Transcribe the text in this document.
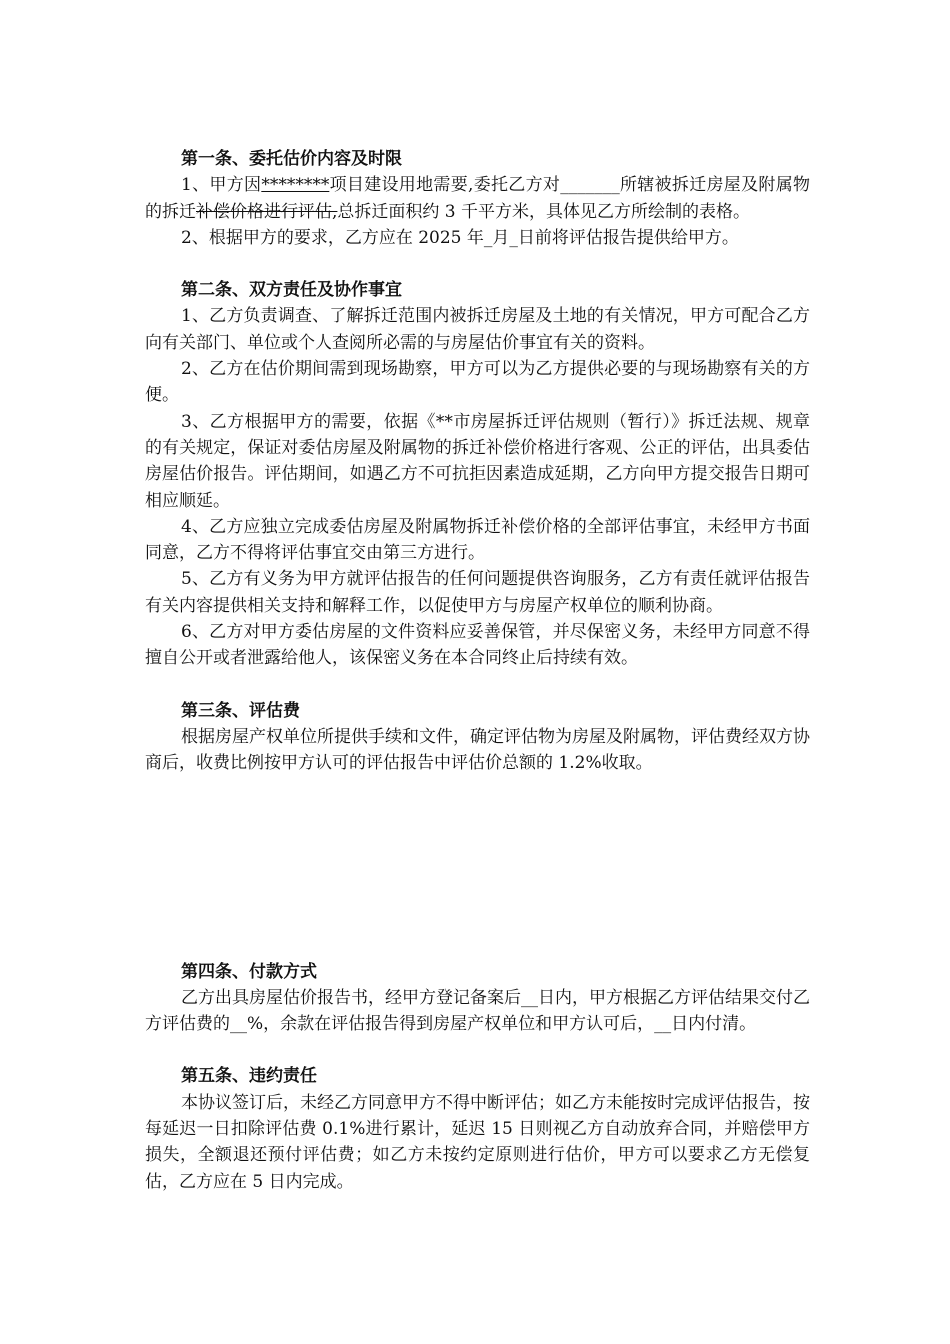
第一条、委托估价内容及时限

1、甲方因********项目建设用地需要,委托乙方对_______所辖被拆迁房屋及附属物的拆迁补偿价格进行评估,总拆迁面积约 3 千平方米，具体见乙方所绘制的表格。

2、根据甲方的要求，乙方应在 2025 年_月_日前将评估报告提供给甲方。

第二条、双方责任及协作事宜

1、乙方负责调查、了解拆迁范围内被拆迁房屋及土地的有关情况，甲方可配合乙方向有关部门、单位或个人查阅所必需的与房屋估价事宜有关的资料。

2、乙方在估价期间需到现场勘察，甲方可以为乙方提供必要的与现场勘察有关的方便。

3、乙方根据甲方的需要，依据《**市房屋拆迁评估规则（暂行）》拆迁法规、规章的有关规定，保证对委估房屋及附属物的拆迁补偿价格进行客观、公正的评估，出具委估房屋估价报告。评估期间，如遇乙方不可抗拒因素造成延期，乙方向甲方提交报告日期可相应顺延。

4、乙方应独立完成委估房屋及附属物拆迁补偿价格的全部评估事宜，未经甲方书面同意，乙方不得将评估事宜交由第三方进行。

5、乙方有义务为甲方就评估报告的任何问题提供咨询服务，乙方有责任就评估报告有关内容提供相关支持和解释工作，以促使甲方与房屋产权单位的顺利协商。

6、乙方对甲方委估房屋的文件资料应妥善保管，并尽保密义务，未经甲方同意不得擅自公开或者泄露给他人，该保密义务在本合同终止后持续有效。

第三条、评估费

根据房屋产权单位所提供手续和文件，确定评估物为房屋及附属物，评估费经双方协商后，收费比例按甲方认可的评估报告中评估价总额的 1.2%收取。

第四条、付款方式

乙方出具房屋估价报告书，经甲方登记备案后__日内，甲方根据乙方评估结果交付乙方评估费的__%，余款在评估报告得到房屋产权单位和甲方认可后，__日内付清。

第五条、违约责任

本协议签订后，未经乙方同意甲方不得中断评估；如乙方未能按时完成评估报告，按每延迟一日扣除评估费 0.1%进行累计，延迟 15 日则视乙方自动放弃合同，并赔偿甲方损失，全额退还预付评估费；如乙方未按约定原则进行估价，甲方可以要求乙方无偿复估，乙方应在 5 日内完成。
